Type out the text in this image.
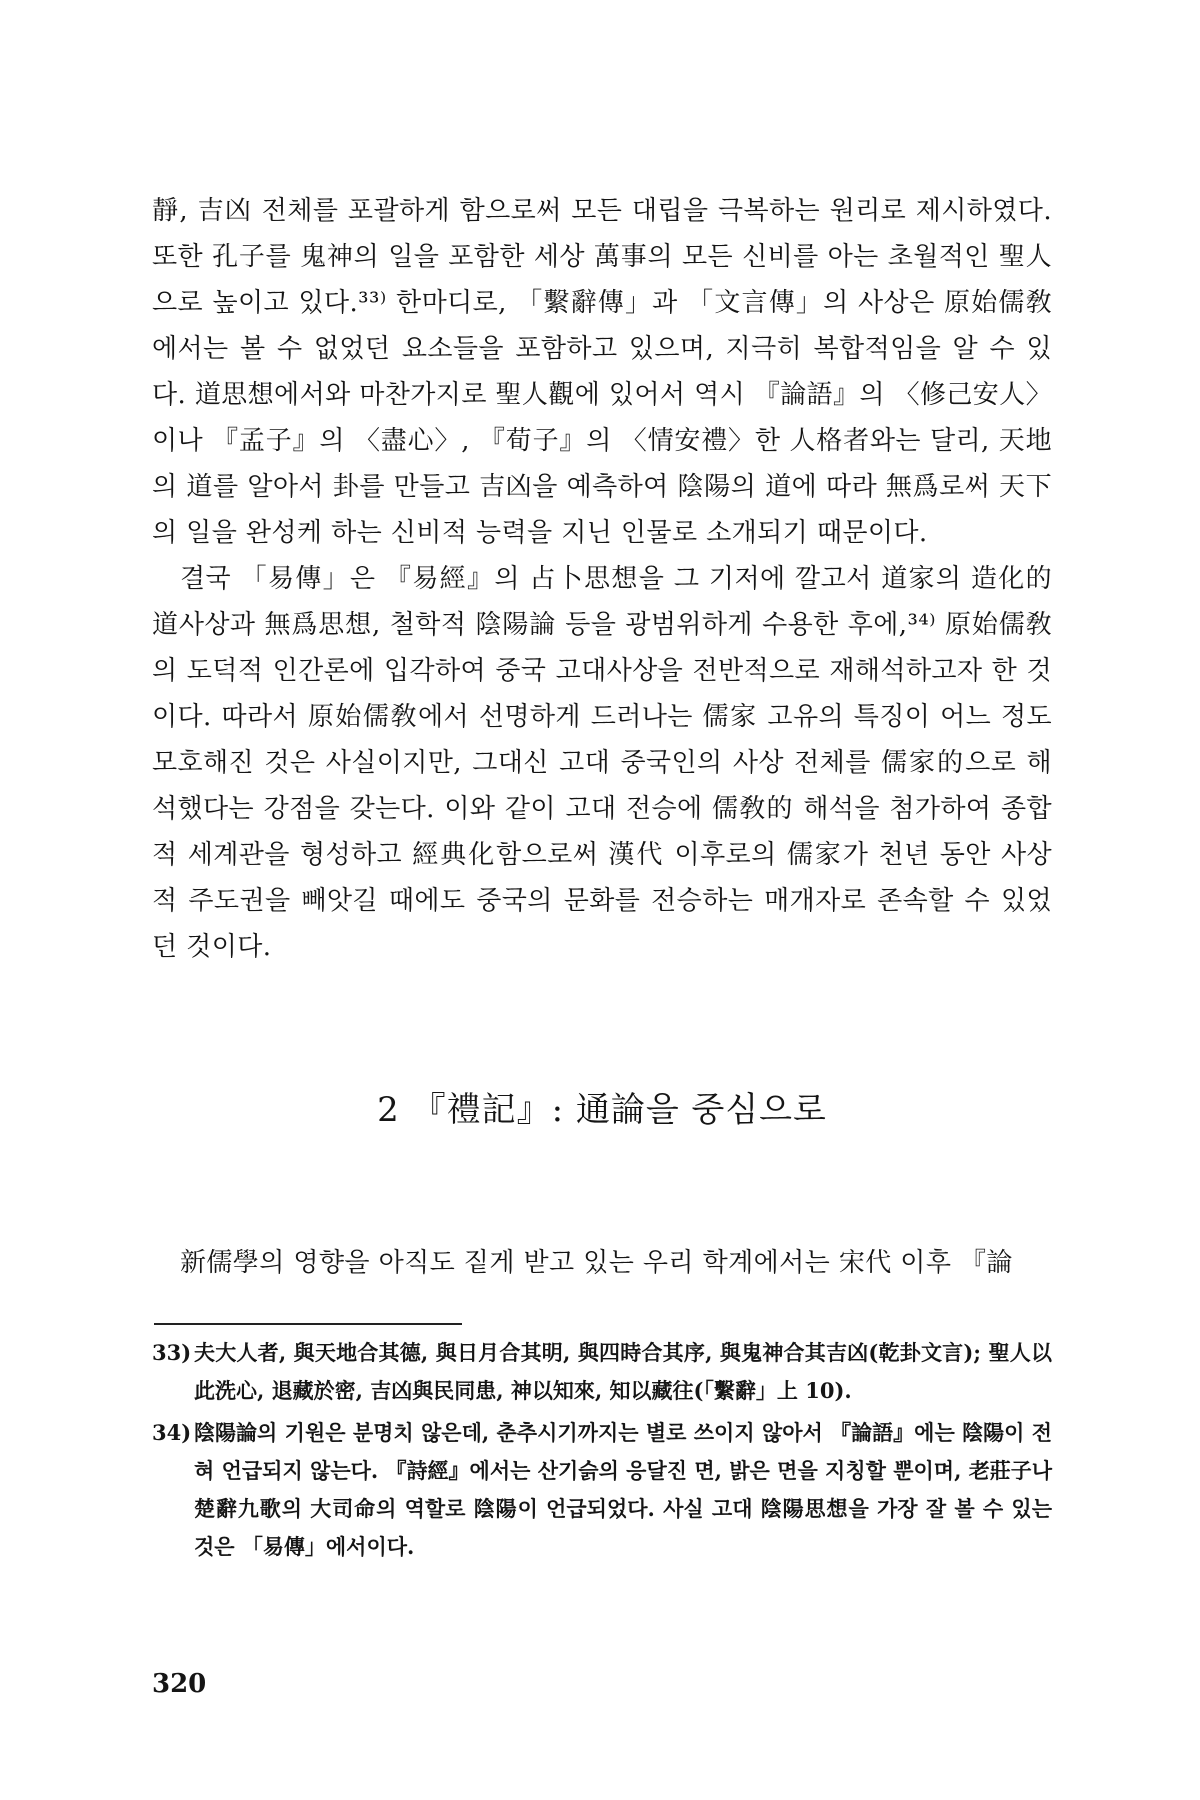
靜, 吉凶 전체를 포괄하게 함으로써 모든 대립을 극복하는 원리로 제시하였다. 또한 孔子를 鬼神의 일을 포함한 세상 萬事의 모든 신비를 아는 초월적인 聖人으로 높이고 있다.³³⁾ 한마디로, 「繫辭傳」과 「文言傳」의 사상은 原始儒敎에서는 볼 수 없었던 요소들을 포함하고 있으며, 지극히 복합적임을 알 수 있다. 道思想에서와 마찬가지로 聖人觀에 있어서 역시 『論語』의 〈修己安人〉이나 『孟子』의 〈盡心〉, 『荀子』의 〈情安禮〉한 人格者와는 달리, 天地의 道를 알아서 卦를 만들고 吉凶을 예측하여 陰陽의 道에 따라 無爲로써 天下의 일을 완성케 하는 신비적 능력을 지닌 인물로 소개되기 때문이다.

결국 「易傳」은 『易經』의 占卜思想을 그 기저에 깔고서 道家의 造化的 道사상과 無爲思想, 철학적 陰陽論 등을 광범위하게 수용한 후에,³⁴⁾ 原始儒敎의 도덕적 인간론에 입각하여 중국 고대사상을 전반적으로 재해석하고자 한 것이다. 따라서 原始儒敎에서 선명하게 드러나는 儒家 고유의 특징이 어느 정도 모호해진 것은 사실이지만, 그대신 고대 중국인의 사상 전체를 儒家的으로 해석했다는 강점을 갖는다. 이와 같이 고대 전승에 儒敎的 해석을 첨가하여 종합적 세계관을 형성하고 經典化함으로써 漢代 이후로의 儒家가 천년 동안 사상적 주도권을 빼앗길 때에도 중국의 문화를 전승하는 매개자로 존속할 수 있었던 것이다.

2 『禮記』: 通論을 중심으로
新儒學의 영향을 아직도 짙게 받고 있는 우리 학계에서는 宋代 이후 『論
33) 夫大人者, 與天地合其德, 與日月合其明, 與四時合其序, 與鬼神合其吉凶(乾卦文言); 聖人以此洗心, 退藏於密, 吉凶與民同患, 神以知來, 知以藏往(「繫辭」上 10).
34) 陰陽論의 기원은 분명치 않은데, 춘추시기까지는 별로 쓰이지 않아서 『論語』에는 陰陽이 전혀 언급되지 않는다. 『詩經』에서는 산기슭의 응달진 면, 밝은 면을 지칭할 뿐이며, 老莊子나 楚辭九歌의 大司命의 역할로 陰陽이 언급되었다. 사실 고대 陰陽思想을 가장 잘 볼 수 있는 것은 「易傳」에서이다.
320
